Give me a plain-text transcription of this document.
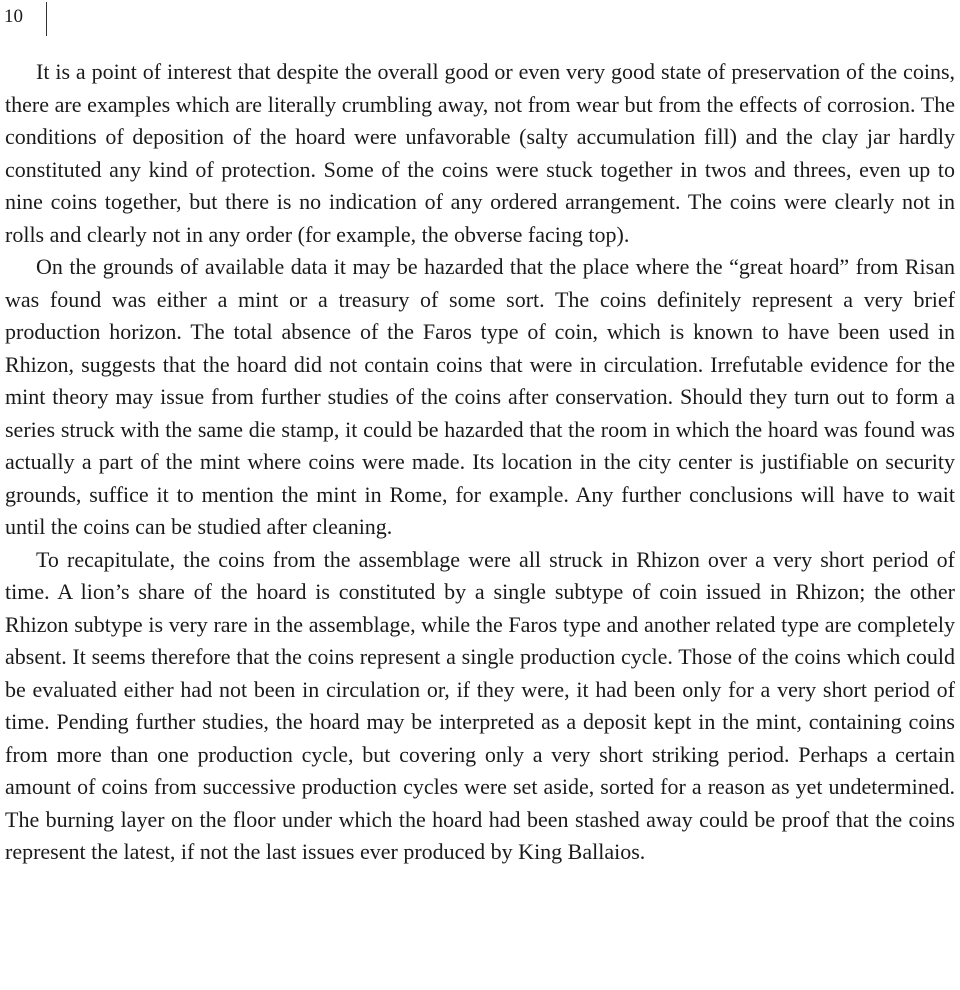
10

It is a point of interest that despite the overall good or even very good state of preservation of the coins, there are examples which are literally crumbling away, not from wear but from the effects of corrosion. The conditions of deposition of the hoard were unfavorable (salty accumulation fill) and the clay jar hardly constituted any kind of protection. Some of the coins were stuck together in twos and threes, even up to nine coins together, but there is no indication of any ordered arrangement. The coins were clearly not in rolls and clearly not in any order (for example, the obverse facing top).

On the grounds of available data it may be hazarded that the place where the “great hoard” from Risan was found was either a mint or a treasury of some sort. The coins definitely represent a very brief production horizon. The total absence of the Faros type of coin, which is known to have been used in Rhizon, suggests that the hoard did not contain coins that were in circulation. Irrefutable evidence for the mint theory may issue from further studies of the coins after conservation. Should they turn out to form a series struck with the same die stamp, it could be hazarded that the room in which the hoard was found was actually a part of the mint where coins were made. Its location in the city center is justifiable on security grounds, suffice it to mention the mint in Rome, for example. Any further conclusions will have to wait until the coins can be studied after cleaning.

To recapitulate, the coins from the assemblage were all struck in Rhizon over a very short period of time. A lion’s share of the hoard is constituted by a single subtype of coin issued in Rhizon; the other Rhizon subtype is very rare in the assemblage, while the Faros type and another related type are completely absent. It seems therefore that the coins represent a single production cycle. Those of the coins which could be evaluated either had not been in circulation or, if they were, it had been only for a very short period of time. Pending further studies, the hoard may be interpreted as a deposit kept in the mint, containing coins from more than one production cycle, but covering only a very short striking period. Perhaps a certain amount of coins from successive production cycles were set aside, sorted for a reason as yet undetermined. The burning layer on the floor under which the hoard had been stashed away could be proof that the coins represent the latest, if not the last issues ever produced by King Ballaios.
